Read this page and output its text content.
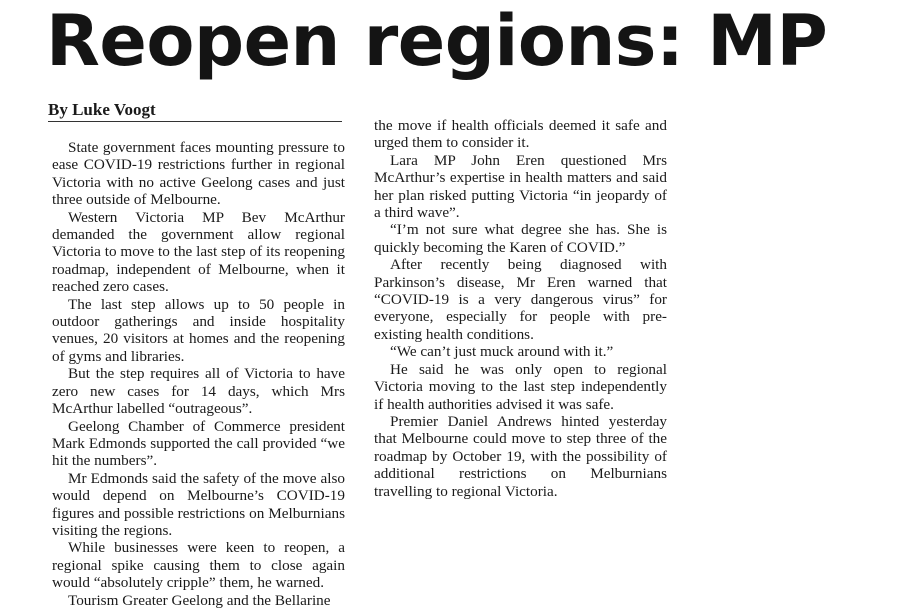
Reopen regions: MP
By Luke Voogt

State government faces mounting pressure to ease COVID-19 restrictions further in regional Victoria with no active Geelong cases and just three outside of Melbourne.

Western Victoria MP Bev McArthur demanded the government allow regional Victoria to move to the last step of its reopening roadmap, independent of Melbourne, when it reached zero cases.

The last step allows up to 50 people in outdoor gatherings and inside hospitality venues, 20 visitors at homes and the reopening of gyms and libraries.

But the step requires all of Victoria to have zero new cases for 14 days, which Mrs McArthur labelled “outrageous”.

Geelong Chamber of Commerce president Mark Edmonds supported the call provided “we hit the numbers”.

Mr Edmonds said the safety of the move also would depend on Melbourne’s COVID-19 figures and possible restrictions on Melburnians visiting the regions.

While businesses were keen to reopen, a regional spike causing them to close again would “absolutely cripple” them, he warned.

Tourism Greater Geelong and the Bellarine

the move if health officials deemed it safe and urged them to consider it.

Lara MP John Eren questioned Mrs McArthur’s expertise in health matters and said her plan risked putting Victoria “in jeopardy of a third wave”.

“I’m not sure what degree she has. She is quickly becoming the Karen of COVID.”

After recently being diagnosed with Parkinson’s disease, Mr Eren warned that “COVID-19 is a very dangerous virus” for everyone, especially for people with pre-existing health conditions.

“We can’t just muck around with it.”

He said he was only open to regional Victoria moving to the last step independently if health authorities advised it was safe.

Premier Daniel Andrews hinted yesterday that Melbourne could move to step three of the roadmap by October 19, with the possibility of additional restrictions on Melburnians travelling to regional Victoria.
